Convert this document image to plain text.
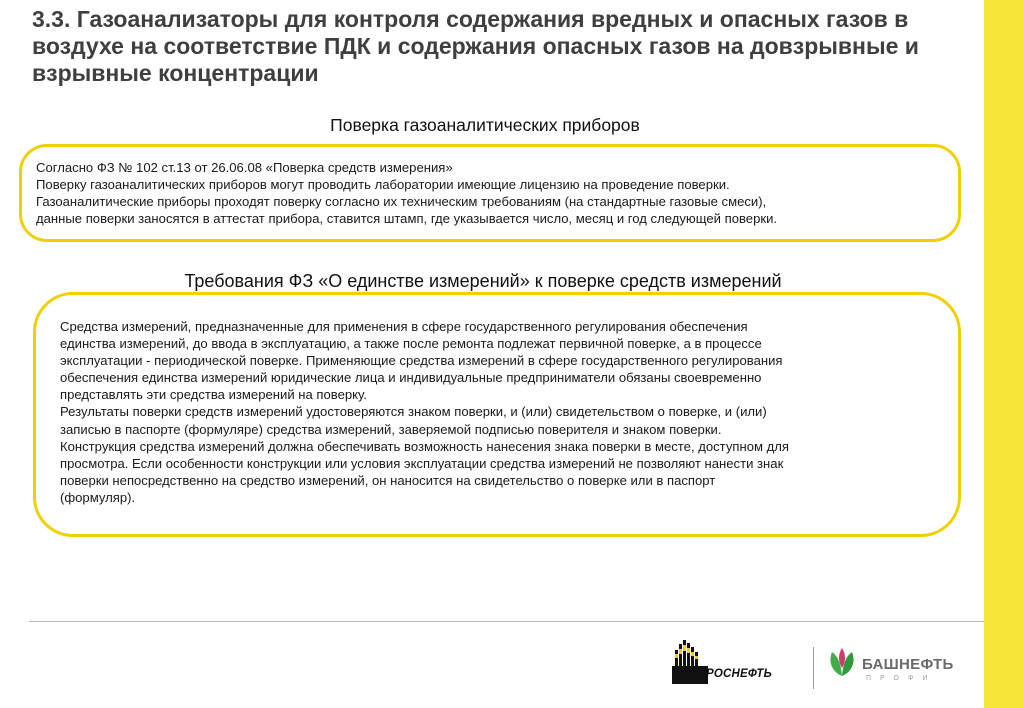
3.3. Газоанализаторы для контроля содержания вредных и опасных газов в воздухе на соответствие ПДК и содержания опасных газов на довзрывные и взрывные концентрации
Поверка газоаналитических приборов

Согласно ФЗ № 102 ст.13 от 26.06.08 «Поверка средств измерения»

Поверку газоаналитических приборов могут проводить лаборатории имеющие лицензию на проведение поверки.

Газоаналитические приборы проходят поверку согласно их техническим требованиям (на стандартные газовые смеси),

данные поверки заносятся в аттестат прибора, ставится штамп, где указывается число, месяц и год следующей поверки.

Требования ФЗ «О единстве измерений» к поверке средств измерений

Средства измерений, предназначенные для применения в сфере государственного регулирования обеспечения

единства измерений, до ввода в эксплуатацию, а также после ремонта подлежат первичной поверке, а в процессе

эксплуатации - периодической поверке. Применяющие средства измерений в сфере государственного регулирования

обеспечения единства измерений юридические лица и индивидуальные предприниматели обязаны своевременно

представлять эти средства измерений на поверку.

Результаты поверки средств измерений удостоверяются знаком поверки, и (или) свидетельством о поверке, и (или)

записью в паспорте (формуляре) средства измерений, заверяемой подписью поверителя и знаком поверки.

Конструкция средства измерений должна обеспечивать возможность нанесения знака поверки в месте, доступном для

просмотра. Если особенности конструкции или условия эксплуатации средства измерений не позволяют нанести знак

поверки непосредственно на средство измерений, он наносится на свидетельство о поверке или в паспорт

(формуляр).

РОСНЕФТЬ
БАШНЕФТЬ
ПРОФИ
